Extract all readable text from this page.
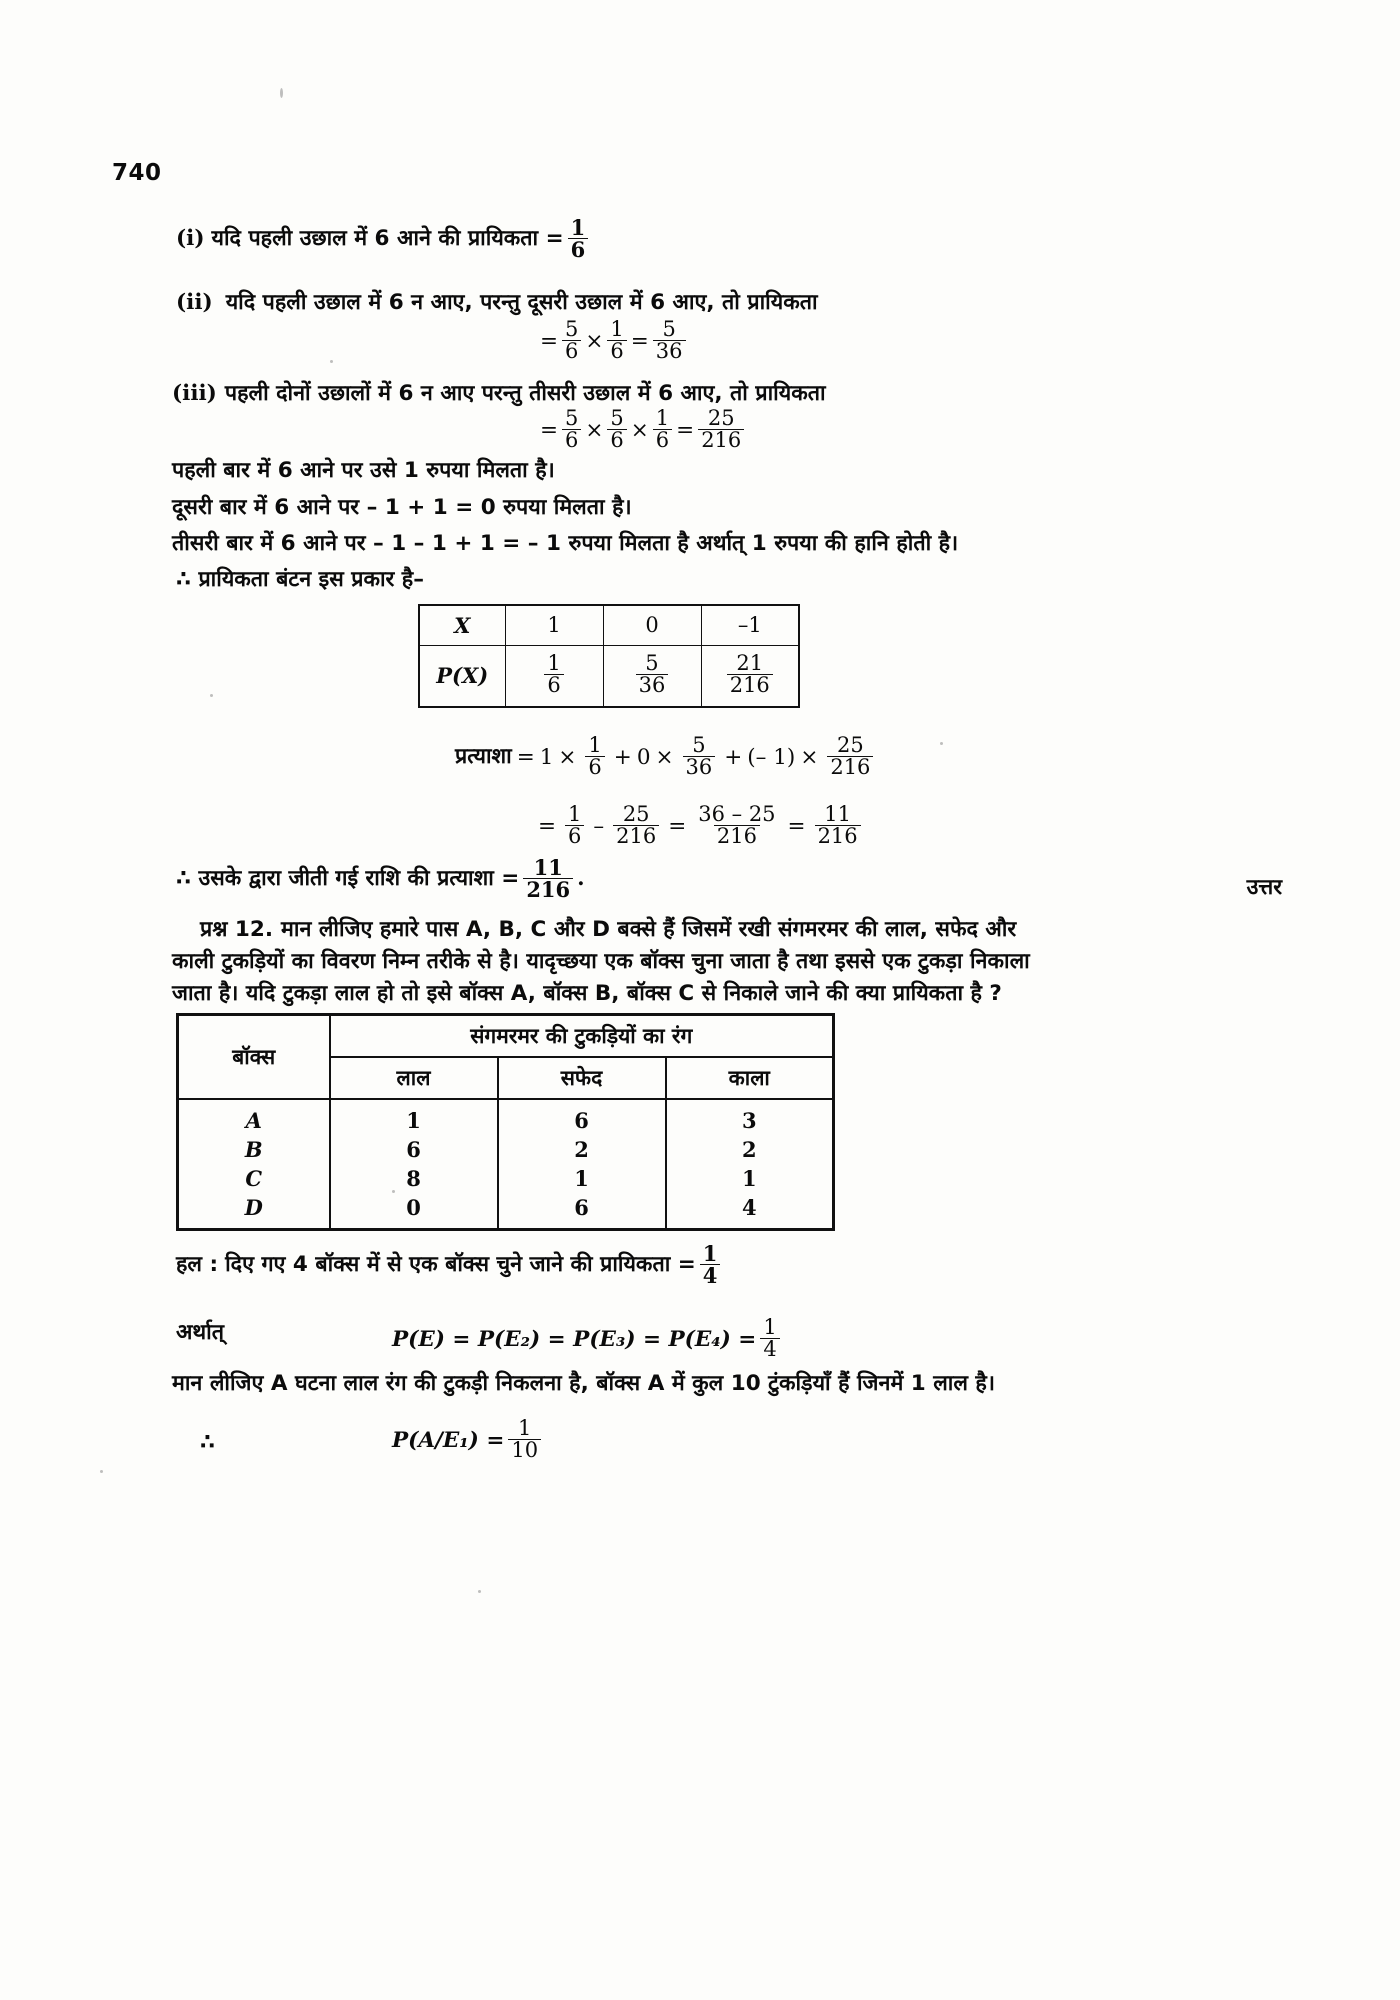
740
(i) यदि पहली उछाल में 6 आने की प्रायिकता = $\frac{1}{6}$
(ii) यदि पहली उछाल में 6 न आए, परन्तु दूसरी उछाल में 6 आए, तो प्रायिकता
= $\frac{5}{6} \times \frac{1}{6} = \frac{5}{36}$
(iii) पहली दोनों उछालों में 6 न आए परन्तु तीसरी उछाल में 6 आए, तो प्रायिकता
= $\frac{5}{6} \times \frac{5}{6} \times \frac{1}{6} = \frac{25}{216}$
पहली बार में 6 आने पर उसे 1 रुपया मिलता है।
दूसरी बार में 6 आने पर – 1 + 1 = 0 रुपया मिलता है।
तीसरी बार में 6 आने पर – 1 – 1 + 1 = – 1 रुपया मिलता है अर्थात् 1 रुपया की हानि होती है।
∴ प्रायिकता बंटन इस प्रकार है–
X	1	0	–1
P(X)	$\frac{1}{6}$	$\frac{5}{36}$	$\frac{21}{216}$
प्रत्याशा = $1 \times \frac{1}{6} + 0 \times \frac{5}{36}$ + (– $1) \times \frac{25}{216}$
= $\frac{1}{6} - \frac{25}{216} = \frac{36 - 25}{216} = \frac{11}{216}$
∴ उसके द्वारा जीती गई राशि की प्रत्याशा = $\frac{11}{216}$ .	उत्तर
प्रश्न 12. मान लीजिए हमारे पास A, B, C और D बक्से हैं जिसमें रखी संगमरमर की लाल, सफेद और
काली टुकड़ियों का विवरण निम्न तरीके से है। यादृच्छया एक बॉक्स चुना जाता है तथा इससे एक टुकड़ा निकाला
जाता है। यदि टुकड़ा लाल हो तो इसे बॉक्स A, बॉक्स B, बॉक्स C से निकाले जाने की क्या प्रायिकता है ?
बॉक्स	संगमरमर की टुकड़ियों का रंग		
	लाल	सफेद	काला
A	1	6	3
B	6	2	2
C	8	1	1
D	0	6	4
हल : दिए गए 4 बॉक्स में से एक बॉक्स चुने जाने की प्रायिकता = $\frac{1}{4}$
अर्थात्	$P(E) = P(E_2) = P(E_3) = P(E_4) = \frac{1}{4}$
मान लीजिए A घटना लाल रंग की टुकड़ी निकलना है, बॉक्स A में कुल 10 टुंकड़ियाँ हैं जिनमें 1 लाल है।
∴	$P(A/E_1) = \frac{1}{10}$
